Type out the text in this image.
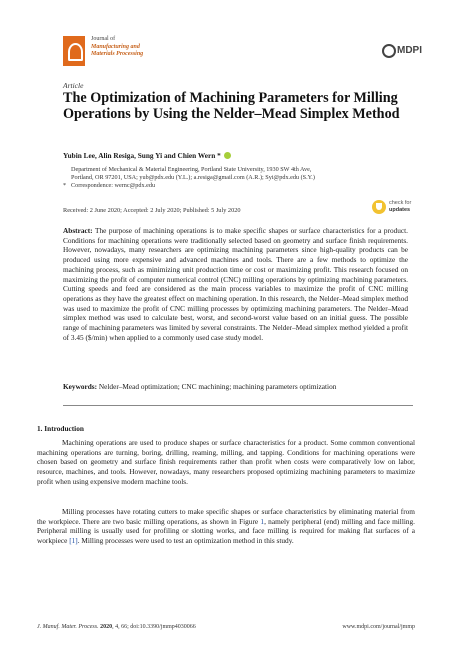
Journal of
Manufacturing and
Materials Processing	MDPI
Article
The Optimization of Machining Parameters for Milling Operations by Using the Nelder–Mead Simplex Method
Yubin Lee, Alin Resiga, Sung Yi and Chien Wern *
Department of Mechanical & Material Engineering, Portland State University, 1930 SW 4th Ave,
Portland, OR 97201, USA; yub@pdx.edu (Y.L.); a.resiga@gmail.com (A.R.); Syi@pdx.edu (S.Y.)
* Correspondence: wernc@pdx.edu
Received: 2 June 2020; Accepted: 2 July 2020; Published: 5 July 2020
check for
updates
Abstract: The purpose of machining operations is to make specific shapes or surface characteristics for a product. Conditions for machining operations were traditionally selected based on geometry and surface finish requirements. However, nowadays, many researchers are optimizing machining parameters since high-quality products can be produced using more expensive and advanced machines and tools. There are a few methods to optimize the machining process, such as minimizing unit production time or cost or maximizing profit. This research focused on maximizing the profit of computer numerical control (CNC) milling operations by optimizing machining parameters. Cutting speeds and feed are considered as the main process variables to maximize the profit of CNC milling operations as they have the greatest effect on machining operation. In this research, the Nelder–Mead simplex method was used to maximize the profit of CNC milling processes by optimizing machining parameters. The Nelder–Mead simplex method was used to calculate best, worst, and second-worst value based on an initial guess. The possible range of machining parameters was limited by several constraints. The Nelder–Mead simplex method yielded a profit of 3.45 ($/min) when applied to a commonly used case study model.
Keywords: Nelder–Mead optimization; CNC machining; machining parameters optimization
1. Introduction
Machining operations are used to produce shapes or surface characteristics for a product. Some common conventional machining operations are turning, boring, drilling, reaming, milling, and tapping. Conditions for machining operations were chosen based on geometry and surface finish requirements rather than profit when costs were comparatively low on labor, resource, machines, and tools. However, nowadays, many researchers proposed optimizing machining parameters to maximize profit when using expensive modern machine tools.
Milling processes have rotating cutters to make specific shapes or surface characteristics by eliminating material from the workpiece. There are two basic milling operations, as shown in Figure 1, namely peripheral (end) milling and face milling. Peripheral milling is usually used for profiling or slotting works, and face milling is required for making flat surfaces of a workpiece [1]. Milling processes were used to test an optimization method in this study.
J. Manuf. Mater. Process. 2020, 4, 66; doi:10.3390/jmmp4030066	www.mdpi.com/journal/jmmp
